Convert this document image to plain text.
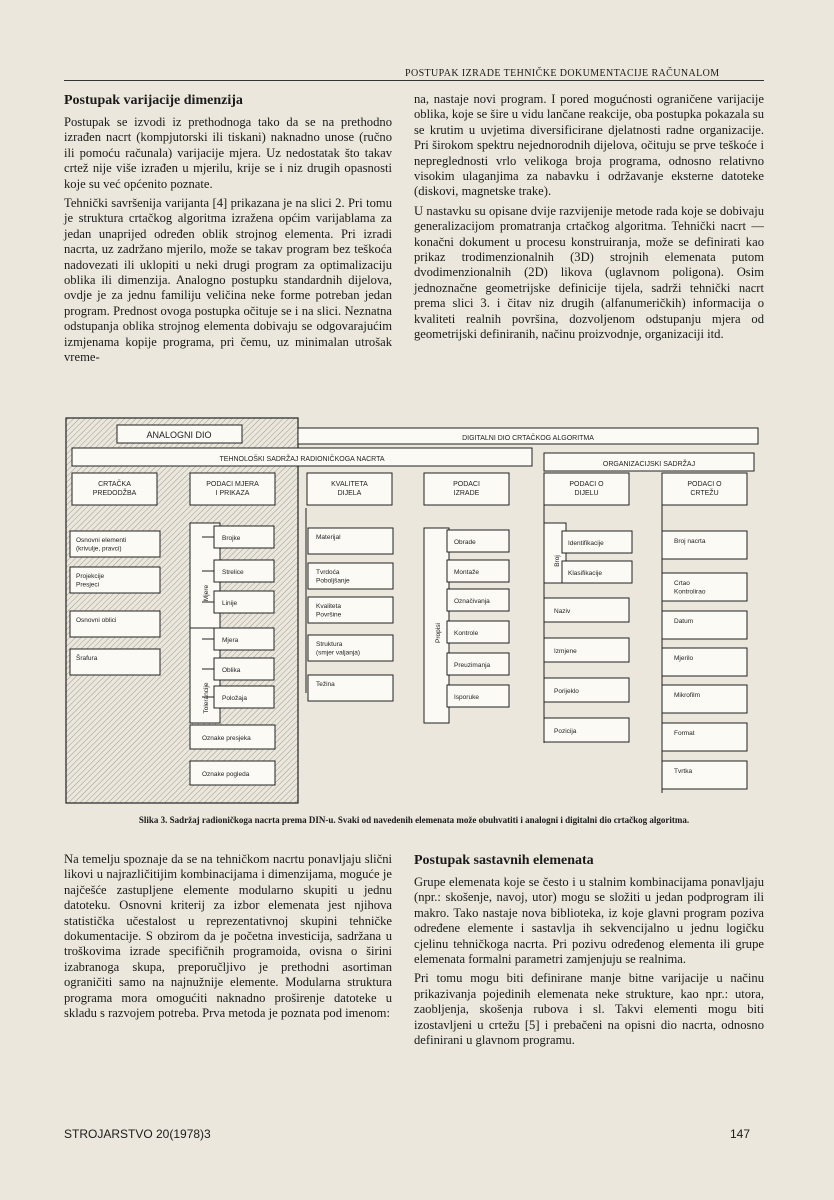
POSTUPAK IZRADE TEHNIČKE DOKUMENTACIJE RAČUNALOM
Postupak varijacije dimenzija

Postupak se izvodi iz prethodnoga tako da se na prethodno izrađen nacrt (kompjutorski ili tiskani) naknadno unose (ručno ili pomoću računala) varijacije mjera. Uz nedostatak što takav crtež nije više izrađen u mjerilu, krije se i niz drugih opasnosti koje su već općenito poznate.

Tehnički savršenija varijanta [4] prikazana je na slici 2. Pri tomu je struktura crtačkog algoritma izražena općim varijablama za jedan unaprijed određen oblik strojnog elementa. Pri izradi nacrta, uz zadržano mjerilo, može se takav program bez teškoća nadovezati ili uklopiti u neki drugi program za optimalizaciju oblika ili dimenzija. Analogno postupku standardnih dijelova, ovdje je za jednu familiju veličina neke forme potreban jedan program. Prednost ovoga postupka očituje se i na slici. Neznatna odstupanja oblika strojnog elementa dobivaju se odgovarajućim izmjenama kopije programa, pri čemu, uz minimalan utrošak vreme-

na, nastaje novi program. I pored mogućnosti ograničene varijacije oblika, koje se šire u vidu lančane reakcije, oba postupka pokazala su se krutim u uvjetima diversificirane djelatnosti radne organizacije. Pri širokom spektru nejednorodnih dijelova, očituju se prve teškoće i nepreglednosti vrlo velikoga broja programa, odnosno relativno visokim ulaganjima za nabavku i održavanje eksterne datoteke (diskovi, magnetske trake).

U nastavku su opisane dvije razvijenije metode rada koje se dobivaju generalizacijom promatranja crtačkog algoritma. Tehnički nacrt — konačni dokument u procesu konstruiranja, može se definirati kao prikaz trodimenzionalnih (3D) strojnih elemenata putom dvodimenzionalnih (2D) likova (uglavnom poligona). Osim jednoznačne geometrijske definicije tijela, sadrži tehnički nacrt prema slici 3. i čitav niz drugih (alfanumeričkih) informacija o kvaliteti realnih površina, dozvoljenom odstupanju mjera od geometrijski definiranih, načinu proizvodnje, organizaciji itd.

ANALOGNI DIO	DIGITALNI DIO CRTAČKOG ALGORITMA
TEHNOLOŠKI SADRŽAJ RADIONIČKOGA NACRTA
ORGANIZACIJSKI SADRŽAJ
CRTAČKA PREDODŽBA
PODACI MJERA I PRIKAZA
KVALITETA DIJELA
PODACI IZRADE
PODACI O DIJELU
PODACI O CRTEŽU
Osnovni elementi (krivulje, pravci)
Projekcije Presjeci
Osnovni oblici
Šrafura
Mjere
Brojke
Strelice
Linije
Tolerancije
Mjera
Oblika
Položaja
Oznake presjeka
Oznake pogleda
Materijal
Tvrdoća Poboljšanje
Kvaliteta Površine
Struktura (smjer valjanja)
Težina
Propisi
Obrade
Montaže
Označivanja
Kontrole
Preuzimanja
Isporuke
Broj
Identifikacije
Klasifikacije
Naziv
Izmjene
Porijeklo
Pozicija
Broj nacrta
Crtao Kontrolirao
Datum
Mjerilo
Mikrofilm
Format
Tvrtka
Slika 3. Sadržaj radioničkoga nacrta prema DIN-u. Svaki od navedenih elemenata može obuhvatiti i analogni i digitalni dio crtačkog algoritma.

Na temelju spoznaje da se na tehničkom nacrtu ponavljaju slični likovi u najrazličitijim kombinacijama i dimenzijama, moguće je najčešće zastupljene elemente modularno skupiti u jednu datoteku. Osnovni kriterij za izbor elemenata jest njihova statistička učestalost u reprezentativnoj skupini tehničke dokumentacije. S obzirom da je početna investicija, sadržana u troškovima izrade specifičnih programoida, ovisna o širini izabranoga skupa, preporučljivo je prethodni asortiman ograničiti samo na najnužnije elemente. Modularna struktura programa mora omogućiti naknadno proširenje datoteke u skladu s razvojem potreba. Prva metoda je poznata pod imenom:

Postupak sastavnih elemenata

Grupe elemenata koje se često i u stalnim kombinacijama ponavljaju (npr.: skošenje, navoj, utor) mogu se složiti u jedan podprogram ili makro. Tako nastaje nova biblioteka, iz koje glavni program poziva određene elemente i sastavlja ih sekvencijalno u jednu logičku cjelinu tehničkoga nacrta. Pri pozivu određenog elementa ili grupe elemenata formalni parametri zamjenjuju se realnima.

Pri tomu mogu biti definirane manje bitne varijacije u načinu prikazivanja pojedinih elemenata neke strukture, kao npr.: utora, zaobljenja, skošenja rubova i sl. Takvi elementi mogu biti izostavljeni u crtežu [5] i prebačeni na opisni dio nacrta, odnosno definirani u glavnom programu.

STROJARSTVO 20(1978)3	147
